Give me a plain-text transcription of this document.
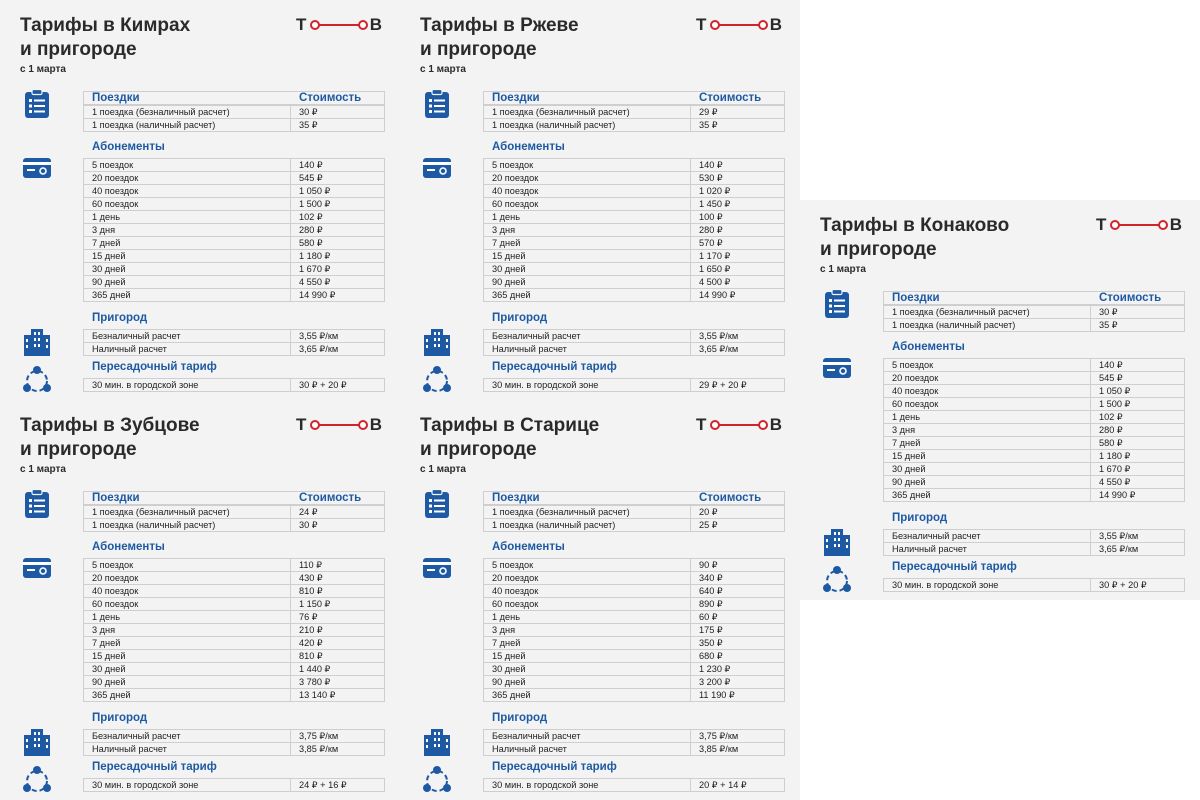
Тарифы в Кимрах
и пригороде
с 1 марта
Т	В
Поездки	Стоимость
1 поездка (безналичный расчет)	30 ₽
1 поездка (наличный расчет)	35 ₽
Абонементы
5 поездок	140 ₽
20 поездок	545 ₽
40 поездок	1 050 ₽
60 поездок	1 500 ₽
1 день	102 ₽
3 дня	280 ₽
7 дней	580 ₽
15 дней	1 180 ₽
30 дней	1 670 ₽
90 дней	4 550 ₽
365 дней	14 990 ₽
Пригород
Безналичный расчет	3,55 ₽/км
Наличный расчет	3,65 ₽/км
Пересадочный тариф
30 мин. в городской зоне	30 ₽ + 20 ₽
Тарифы в Ржеве
и пригороде
с 1 марта
Т	В
Поездки	Стоимость
1 поездка (безналичный расчет)	29 ₽
1 поездка (наличный расчет)	35 ₽
Абонементы
5 поездок	140 ₽
20 поездок	530 ₽
40 поездок	1 020 ₽
60 поездок	1 450 ₽
1 день	100 ₽
3 дня	280 ₽
7 дней	570 ₽
15 дней	1 170 ₽
30 дней	1 650 ₽
90 дней	4 500 ₽
365 дней	14 990 ₽
Пригород
Безналичный расчет	3,55 ₽/км
Наличный расчет	3,65 ₽/км
Пересадочный тариф
30 мин. в городской зоне	29 ₽ + 20 ₽
Тарифы в Зубцове
и пригороде
с 1 марта
Т	В
Поездки	Стоимость
1 поездка (безналичный расчет)	24 ₽
1 поездка (наличный расчет)	30 ₽
Абонементы
5 поездок	110 ₽
20 поездок	430 ₽
40 поездок	810 ₽
60 поездок	1 150 ₽
1 день	76 ₽
3 дня	210 ₽
7 дней	420 ₽
15 дней	810 ₽
30 дней	1 440 ₽
90 дней	3 780 ₽
365 дней	13 140 ₽
Пригород
Безналичный расчет	3,75 ₽/км
Наличный расчет	3,85 ₽/км
Пересадочный тариф
30 мин. в городской зоне	24 ₽ + 16 ₽
Тарифы в Старице
и пригороде
с 1 марта
Т	В
Поездки	Стоимость
1 поездка (безналичный расчет)	20 ₽
1 поездка (наличный расчет)	25 ₽
Абонементы
5 поездок	90 ₽
20 поездок	340 ₽
40 поездок	640 ₽
60 поездок	890 ₽
1 день	60 ₽
3 дня	175 ₽
7 дней	350 ₽
15 дней	680 ₽
30 дней	1 230 ₽
90 дней	3 200 ₽
365 дней	11 190 ₽
Пригород
Безналичный расчет	3,75 ₽/км
Наличный расчет	3,85 ₽/км
Пересадочный тариф
30 мин. в городской зоне	20 ₽ + 14 ₽
Тарифы в Конаково
и пригороде
с 1 марта
Т	В
Поездки	Стоимость
1 поездка (безналичный расчет)	30 ₽
1 поездка (наличный расчет)	35 ₽
Абонементы
5 поездок	140 ₽
20 поездок	545 ₽
40 поездок	1 050 ₽
60 поездок	1 500 ₽
1 день	102 ₽
3 дня	280 ₽
7 дней	580 ₽
15 дней	1 180 ₽
30 дней	1 670 ₽
90 дней	4 550 ₽
365 дней	14 990 ₽
Пригород
Безналичный расчет	3,55 ₽/км
Наличный расчет	3,65 ₽/км
Пересадочный тариф
30 мин. в городской зоне	30 ₽ + 20 ₽
